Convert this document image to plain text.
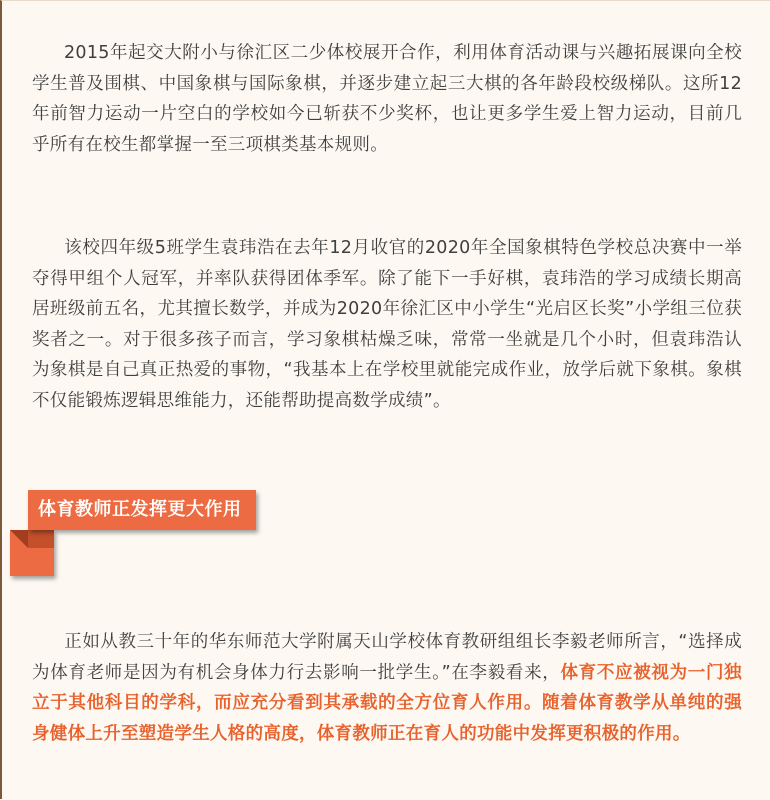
2015年起交大附小与徐汇区二少体校展开合作，利用体育活动课与兴趣拓展课向全校学生普及围棋、中国象棋与国际象棋，并逐步建立起三大棋的各年龄段校级梯队。这所12年前智力运动一片空白的学校如今已斩获不少奖杯，也让更多学生爱上智力运动，目前几乎所有在校生都掌握一至三项棋类基本规则。

该校四年级5班学生袁玮浩在去年12月收官的2020年全国象棋特色学校总决赛中一举夺得甲组个人冠军，并率队获得团体季军。除了能下一手好棋，袁玮浩的学习成绩长期高居班级前五名，尤其擅长数学，并成为2020年徐汇区中小学生“光启区长奖”小学组三位获奖者之一。对于很多孩子而言，学习象棋枯燥乏味，常常一坐就是几个小时，但袁玮浩认为象棋是自己真正热爱的事物，“我基本上在学校里就能完成作业，放学后就下象棋。象棋不仅能锻炼逻辑思维能力，还能帮助提高数学成绩”。

体育教师正发挥更大作用

正如从教三十年的华东师范大学附属天山学校体育教研组组长李毅老师所言，“选择成为体育老师是因为有机会身体力行去影响一批学生。”在李毅看来，体育不应被视为一门独立于其他科目的学科，而应充分看到其承载的全方位育人作用。随着体育教学从单纯的强身健体上升至塑造学生人格的高度，体育教师正在育人的功能中发挥更积极的作用。
